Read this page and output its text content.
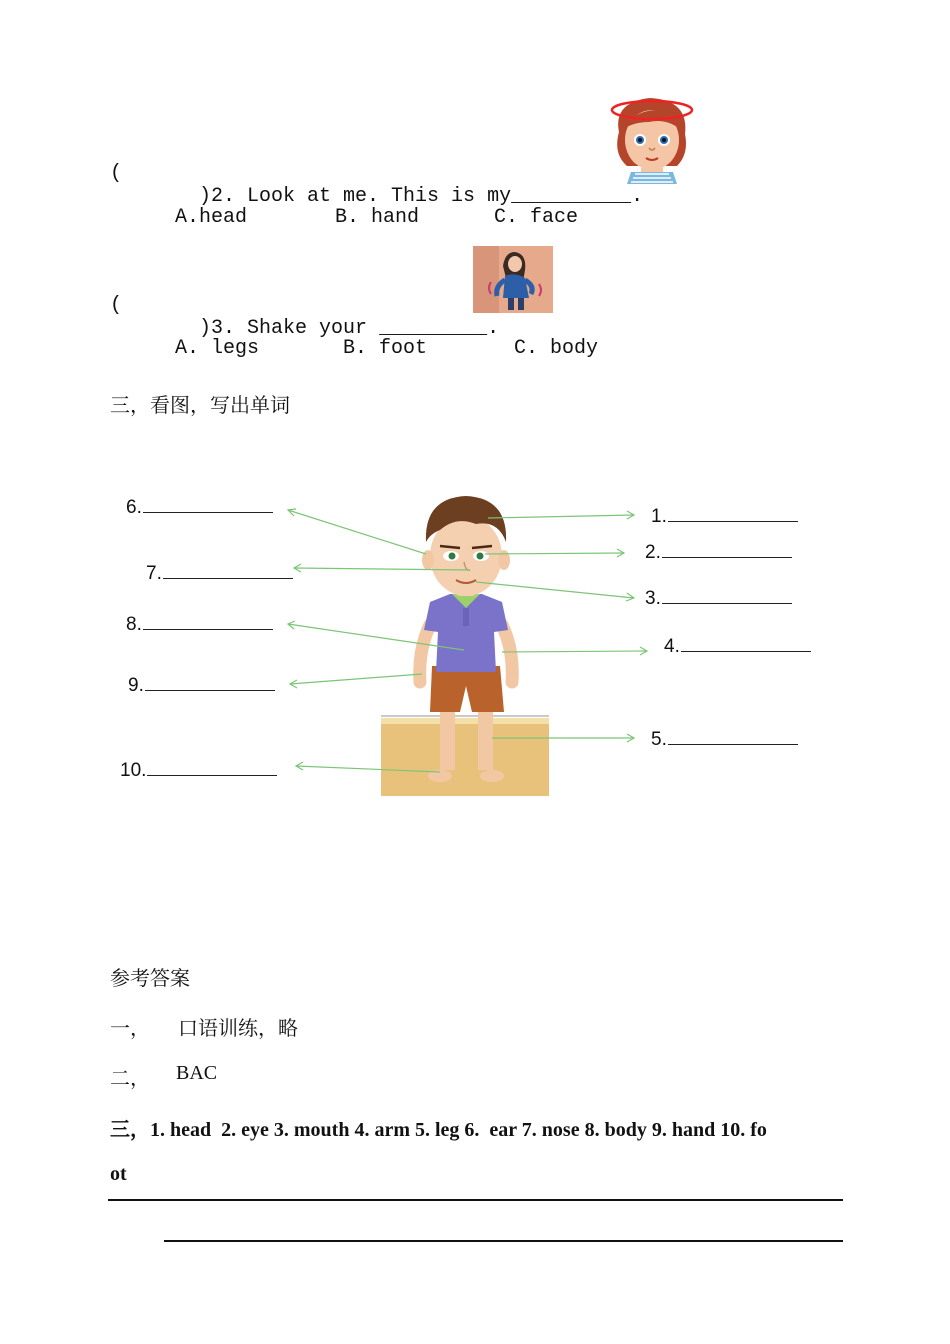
(

)2. Look at me. This is my__________.

A.head	B. hand	C. face
(

)3. Shake your _________.

A. legs	B. foot	C. body
三，看图，写出单词
6.
7.
8.
9.
10.
1.
2.
3.
4.
5.
参考答案
一， 口语训练，略
二， BAC
三，1. head  2. eye 3. mouth 4. arm 5. leg 6.  ear 7. nose 8. body 9. hand 10. fo
ot
